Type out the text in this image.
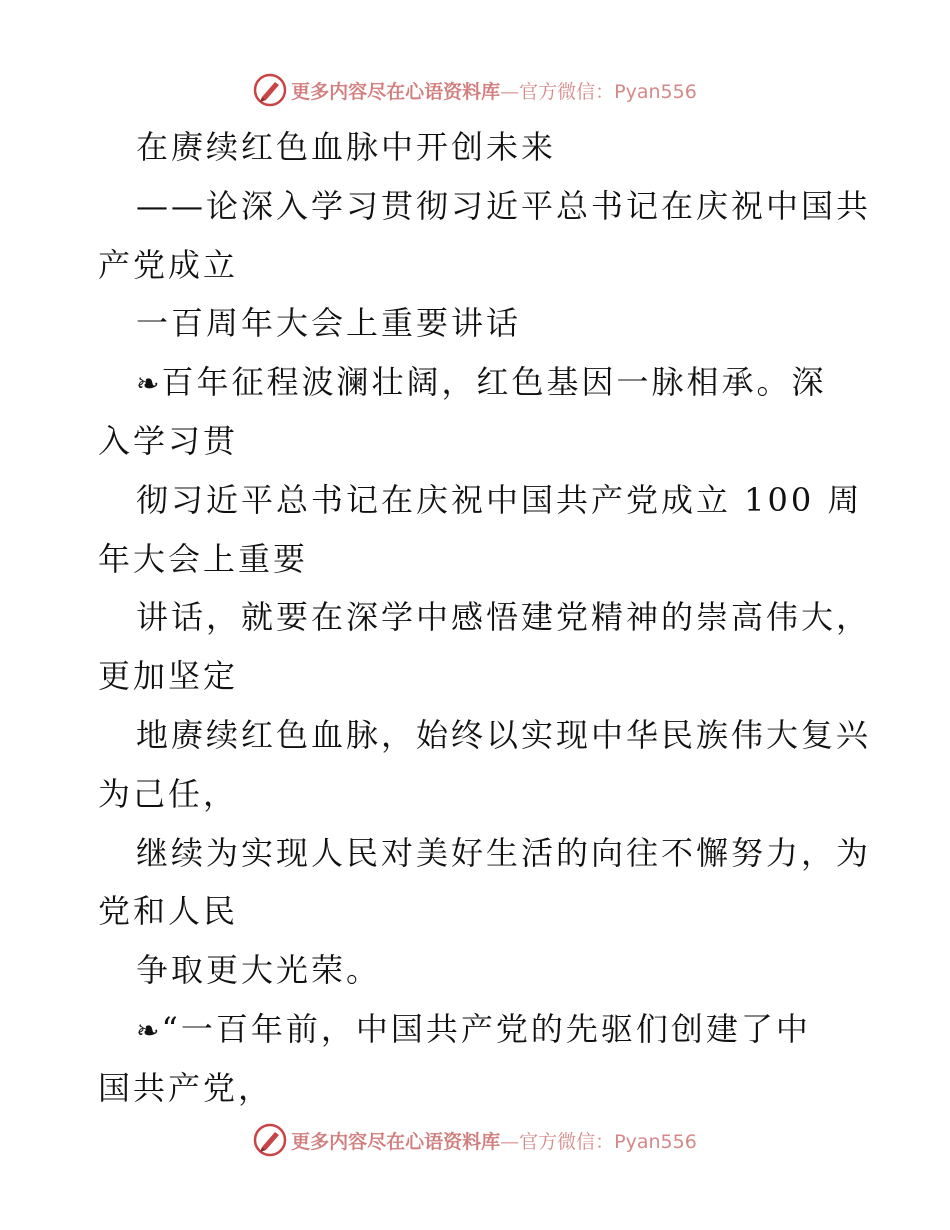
更多内容尽在心语资料库—官方微信：Pyan556
在赓续红色血脉中开创未来
——论深入学习贯彻习近平总书记在庆祝中国共
产党成立
一百周年大会上重要讲话
❧百年征程波澜壮阔，红色基因一脉相承。深
入学习贯
彻习近平总书记在庆祝中国共产党成立 100 周
年大会上重要
讲话，就要在深学中感悟建党精神的崇高伟大，
更加坚定
地赓续红色血脉，始终以实现中华民族伟大复兴
为己任，
继续为实现人民对美好生活的向往不懈努力，为
党和人民
争取更大光荣。
❧“一百年前，中国共产党的先驱们创建了中
国共产党，
更多内容尽在心语资料库—官方微信：Pyan556
